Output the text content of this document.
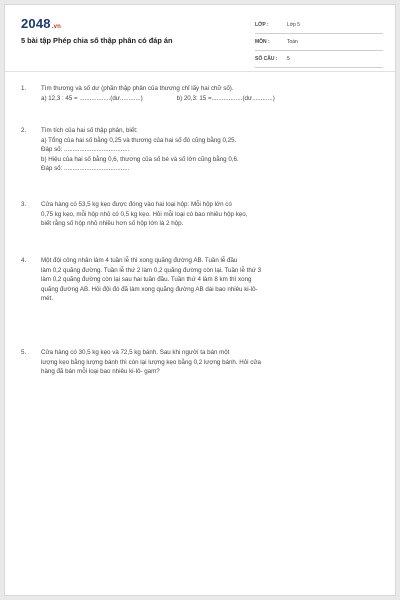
2048.vn
5 bài tập Phép chia số thập phân có đáp án
LỚP :	Lớp 5
MÔN :	Toán
SỐ CÂU : 5
1. Tìm thương và số dư (phần thập phân của thương chỉ lấy hai chữ số).
a) 12,3 : 45 = ..................(dư............)	b) 20,3: 15 =..................(dư............)
2. Tìm tích của hai số thập phân, biết:
a) Tổng của hai số bằng 0,25 và thương của hai số đó cũng bằng 0,25.
Đáp số: ......................................
b) Hiệu của hai số bằng 0,6, thương của số bé và số lớn cũng bằng 0,6.
Đáp số: ......................................
3. Cửa hàng có 53,5 kg kẹo được đóng vào hai loại hộp: Mỗi hộp lớn có
0,75 kg kẹo, mỗi hộp nhỏ có 0,5 kg kẹo. Hỏi mỗi loại có bao nhiêu hộp kẹo,
biết rằng số hộp nhỏ nhiều hơn số hộp lớn là 2 hộp.
4. Một đội công nhân làm 4 tuần lễ thì xong quãng đường AB. Tuần lễ đầu
làm 0,2 quãng đường. Tuần lễ thứ 2 làm 0,2 quãng đường còn lại. Tuần lễ thứ 3
làm 0,2 quãng đường còn lại sau hai tuần đầu. Tuần thứ 4 làm 8 km thì xong
quãng đường AB. Hỏi đội đó đã làm xong quãng đường AB dài bao nhiêu ki-lô-
mét.
5. Cửa hàng có 30,5 kg kẹo và 72,5 kg bánh. Sau khi người ta bán một
lượng kẹo bằng lượng bánh thì còn lại lượng kẹo bằng 0,2 lượng bánh. Hỏi cửa
hàng đã bán mỗi loại bao nhiêu ki-lô- gam?
